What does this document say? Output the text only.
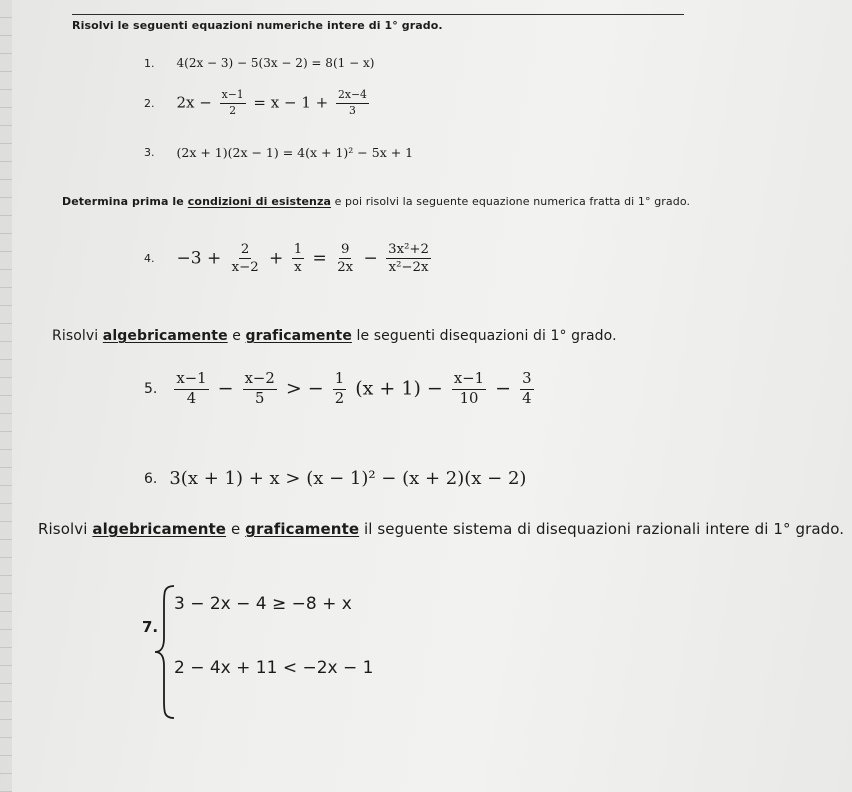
Risolvi le seguenti equazioni numeriche intere di 1° grado.
1. 4(2x − 3) − 5(3x − 2) = 8(1 − x)
2. $2x - \frac{x-1}{2} = x - 1 + \frac{2x-4}{3}$
3. (2x + 1)(2x − 1) = 4(x + 1)² − 5x + 1
Determina prima le condizioni di esistenza e poi risolvi la seguente equazione numerica fratta di 1° grado.
4. $-3 + \frac{2}{x-2} + \frac{1}{x} = \frac{9}{2x} - \frac{\text{3x²+2}}{\text{x²−2x}}$
Risolvi algebricamente e graficamente le seguenti disequazioni di 1° grado.
5. $\frac{x-1}{4} - \frac{x-2}{5}$ > − $\frac{1}{2} (x + 1) - \frac{x-1}{10} - \frac{3}{4}$
6. 3(x + 1) + x > (x − 1)² − (x + 2)(x − 2)
Risolvi algebricamente e graficamente il seguente sistema di disequazioni razionali intere di 1° grado.
7.
3 − 2x − 4 ≥ −8 + x
2 − 4x + 11 < −2x − 1
